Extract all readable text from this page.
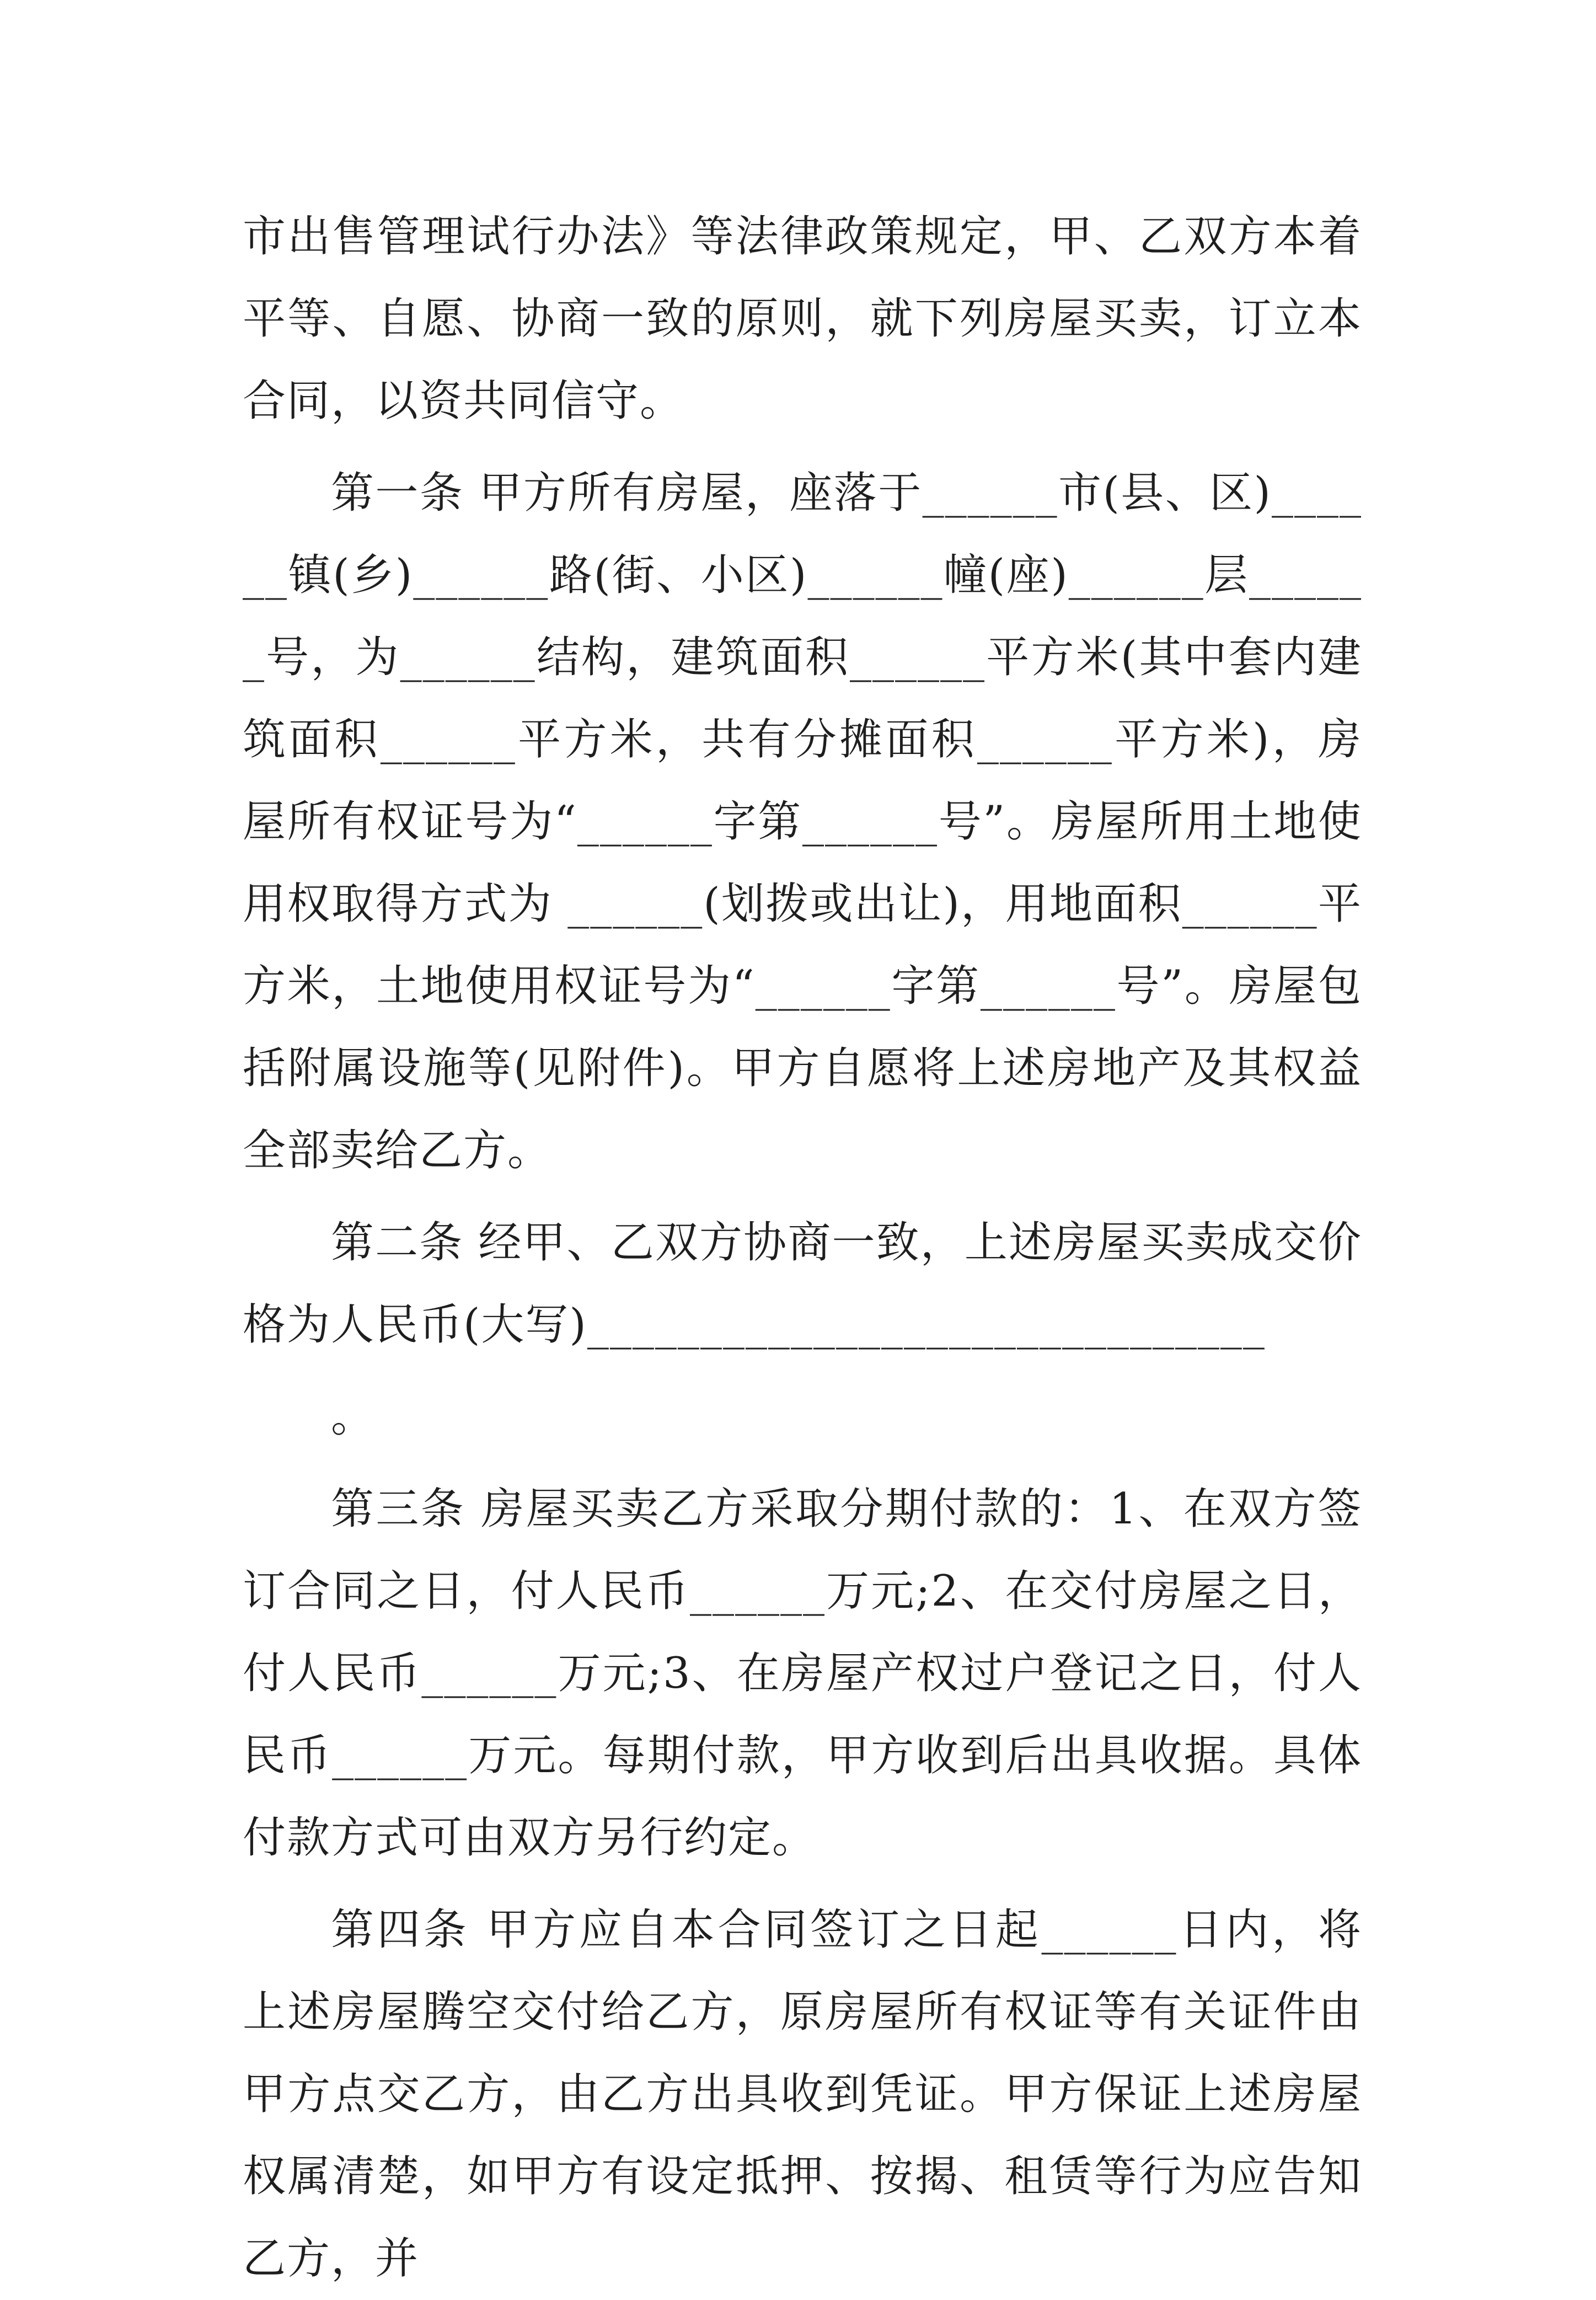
市出售管理试行办法》等法律政策规定，甲、乙双方本着平等、自愿、协商一致的原则，就下列房屋买卖，订立本合同，以资共同信守。

第一条 甲方所有房屋，座落于______市(县、区)______镇(乡)______路(街、小区)______幢(座)______层______号，为______结构，建筑面积______平方米(其中套内建筑面积______平方米，共有分摊面积______平方米)，房屋所有权证号为“______字第______号”。房屋所用土地使用权取得方式为 ______(划拨或出让)，用地面积______平方米，土地使用权证号为“______字第______号”。房屋包括附属设施等(见附件)。甲方自愿将上述房地产及其权益全部卖给乙方。

第二条 经甲、乙双方协商一致，上述房屋买卖成交价格为人民币(大写)______________________________

。

第三条 房屋买卖乙方采取分期付款的：1、在双方签订合同之日，付人民币______万元;2、在交付房屋之日，付人民币______万元;3、在房屋产权过户登记之日，付人民币______万元。每期付款，甲方收到后出具收据。具体付款方式可由双方另行约定。

第四条 甲方应自本合同签订之日起______日内，将上述房屋腾空交付给乙方，原房屋所有权证等有关证件由甲方点交乙方，由乙方出具收到凭证。甲方保证上述房屋权属清楚，如甲方有设定抵押、按揭、租赁等行为应告知乙方，并
